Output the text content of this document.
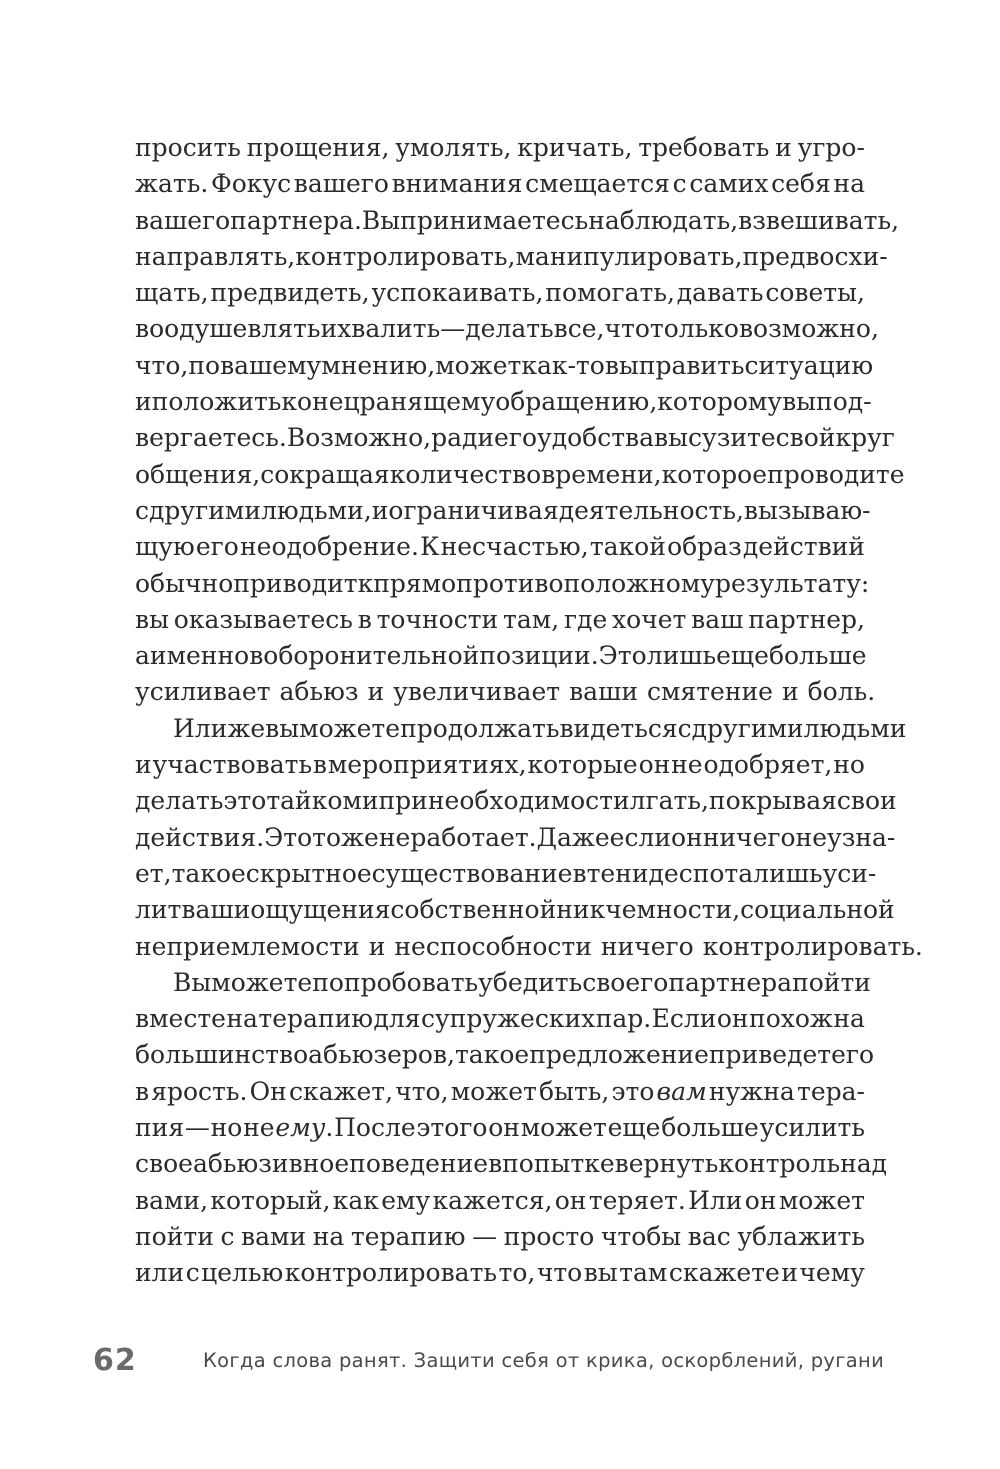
просить прощения, умолять, кричать, требовать и угро-
жать. Фокус вашего внимания смещается с самих себя на
вашего партнера. Вы принимаетесь наблюдать, взвешивать,
направлять, контролировать, манипулировать, предвосхи-
щать, предвидеть, успокаивать, помогать, давать советы,
воодушевлять и хвалить — делать все, что только возможно,
что, по вашему мнению, может как-то выправить ситуацию
и положить конец ранящему обращению, которому вы под-
вергаетесь. Возможно, ради его удобства вы сузите свой круг
общения, сокращая количество времени, которое проводите
с другими людьми, и ограничивая деятельность, вызываю-
щую его неодобрение. К несчастью, такой образ действий
обычно приводит к прямо противоположному результату:
вы оказываетесь в точности там, где хочет ваш партнер,
а именно в оборонительной позиции. Это лишь еще больше
усиливает абьюз и увеличивает ваши смятение и боль.
Или же вы можете продолжать видеться с другими людьми
и участвовать в мероприятиях, которые он не одобряет, но
делать это тайком и при необходимости лгать, покрывая свои
действия. Это тоже не работает. Даже если он ничего не узна-
ет, такое скрытное существование в тени деспота лишь уси-
лит ваши ощущения собственной никчемности, социальной
неприемлемости и неспособности ничего контролировать.
Вы можете попробовать убедить своего партнера пойти
вместе на терапию для супружеских пар. Если он похож на
большинство абьюзеров, такое предложение приведет его
в ярость. Он скажет, что, может быть, это вам нужна тера-
пия — но не ему. После этого он может еще больше усилить
свое абьюзивное поведение в попытке вернуть контроль над
вами, который, как ему кажется, он теряет. Или он может
пойти с вами на терапию — просто чтобы вас ублажить
или с целью контролировать то, что вы там скажете и чему
62	Когда слова ранят. Защити себя от крика, оскорблений, ругани
